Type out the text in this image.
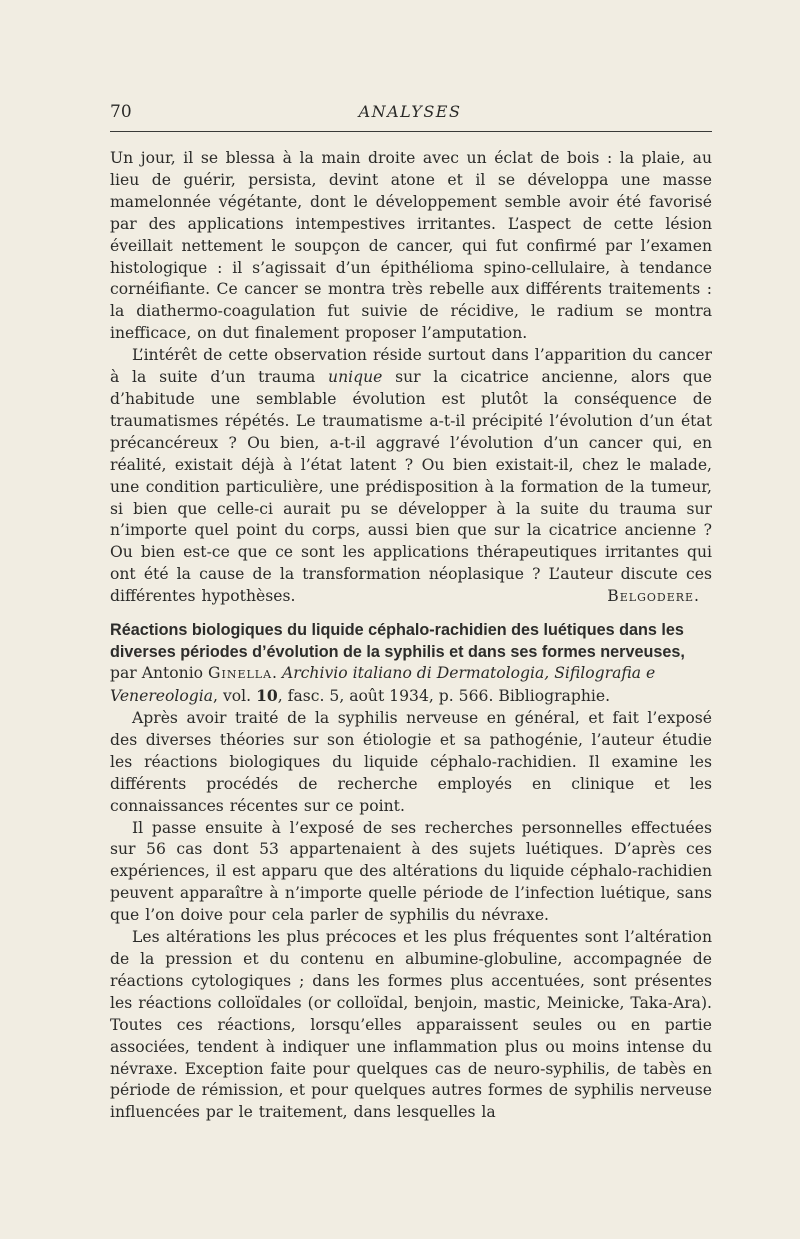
70	ANALYSES

Un jour, il se blessa à la main droite avec un éclat de bois : la plaie, au lieu de guérir, persista, devint atone et il se développa une masse mamelonnée végétante, dont le développement semble avoir été favorisé par des applications intempestives irritantes. L’aspect de cette lésion éveillait nettement le soupçon de cancer, qui fut confirmé par l’examen histologique : il s’agissait d’un épithélioma spino-cellulaire, à tendance cornéifiante. Ce cancer se montra très rebelle aux différents traitements : la diathermo-coagulation fut suivie de récidive, le radium se montra inefficace, on dut finalement proposer l’amputation.

L’intérêt de cette observation réside surtout dans l’apparition du cancer à la suite d’un trauma unique sur la cicatrice ancienne, alors que d’habitude une semblable évolution est plutôt la conséquence de traumatismes répétés. Le traumatisme a-t-il précipité l’évolution d’un état précancéreux ? Ou bien, a-t-il aggravé l’évolution d’un cancer qui, en réalité, existait déjà à l’état latent ? Ou bien existait-il, chez le malade, une condition particulière, une prédisposition à la formation de la tumeur, si bien que celle-ci aurait pu se développer à la suite du trauma sur n’importe quel point du corps, aussi bien que sur la cicatrice ancienne ? Ou bien est-ce que ce sont les applications thérapeutiques irritantes qui ont été la cause de la transformation néoplasique ? L’auteur discute ces différentes hypothèses.	Belgodere.

Réactions biologiques du liquide céphalo-rachidien des luétiques dans les diverses périodes d’évolution de la syphilis et dans ses formes nerveuses, par Antonio Ginella. Archivio italiano di Dermatologia, Sifilografia e Venereologia, vol. 10, fasc. 5, août 1934, p. 566. Bibliographie.

Après avoir traité de la syphilis nerveuse en général, et fait l’exposé des diverses théories sur son étiologie et sa pathogénie, l’auteur étudie les réactions biologiques du liquide céphalo-rachidien. Il examine les différents procédés de recherche employés en clinique et les connaissances récentes sur ce point.

Il passe ensuite à l’exposé de ses recherches personnelles effectuées sur 56 cas dont 53 appartenaient à des sujets luétiques. D’après ces expériences, il est apparu que des altérations du liquide céphalo-rachidien peuvent apparaître à n’importe quelle période de l’infection luétique, sans que l’on doive pour cela parler de syphilis du névraxe.

Les altérations les plus précoces et les plus fréquentes sont l’altération de la pression et du contenu en albumine-globuline, accompagnée de réactions cytologiques ; dans les formes plus accentuées, sont présentes les réactions colloïdales (or colloïdal, benjoin, mastic, Meinicke, Taka-Ara). Toutes ces réactions, lorsqu’elles apparaissent seules ou en partie associées, tendent à indiquer une inflammation plus ou moins intense du névraxe. Exception faite pour quelques cas de neuro-syphilis, de tabès en période de rémission, et pour quelques autres formes de syphilis nerveuse influencées par le traitement, dans lesquelles la
